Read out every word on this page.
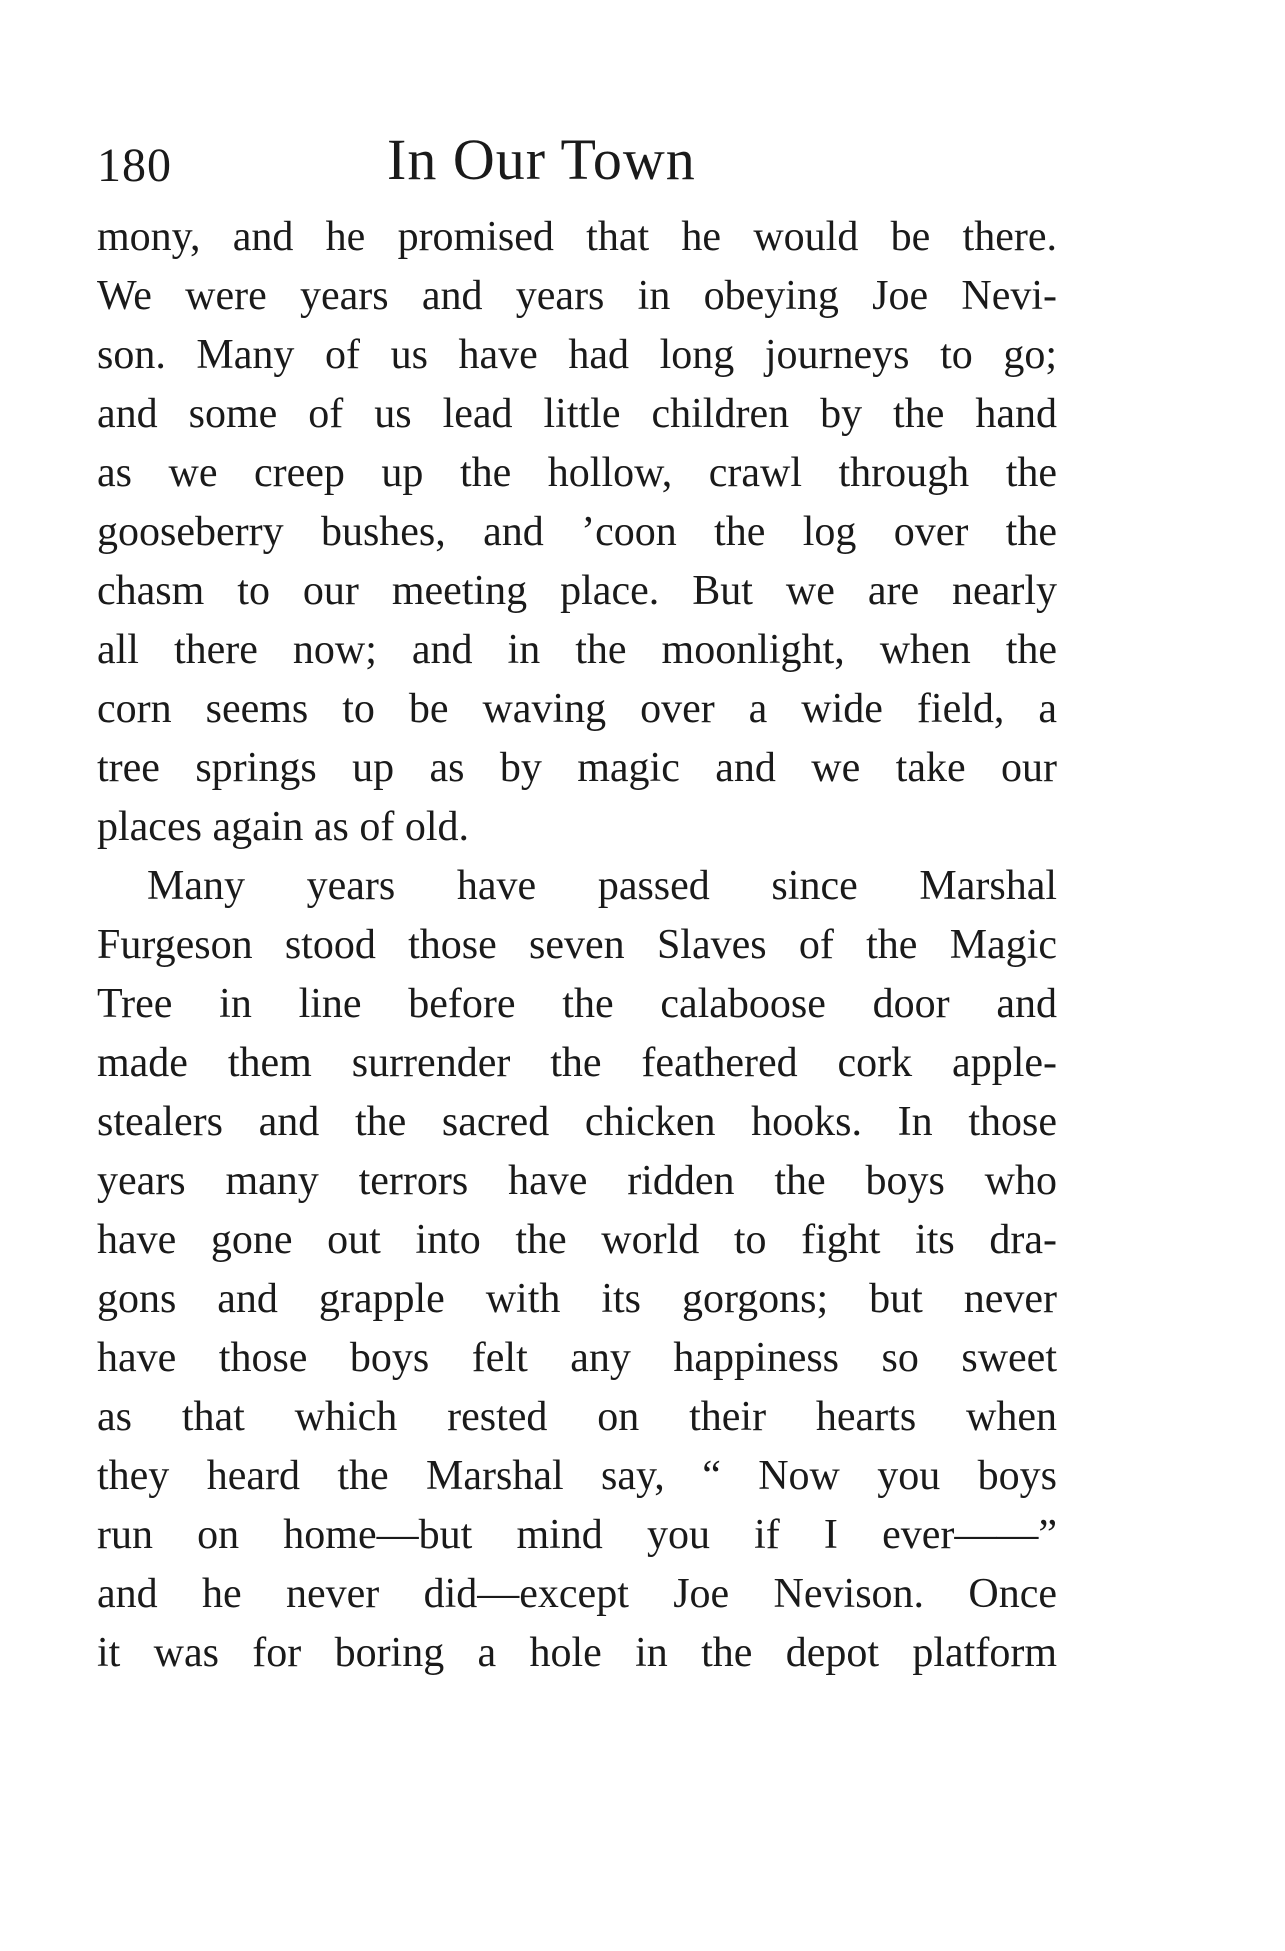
180	In Our Town
mony, and he promised that he would be there.
We were years and years in obeying Joe Nevi-
son. Many of us have had long journeys to go;
and some of us lead little children by the hand
as we creep up the hollow, crawl through the
gooseberry bushes, and ’coon the log over the
chasm to our meeting place. But we are nearly
all there now; and in the moonlight, when the
corn seems to be waving over a wide field, a
tree springs up as by magic and we take our
places again as of old.
Many years have passed since Marshal
Furgeson stood those seven Slaves of the Magic
Tree in line before the calaboose door and
made them surrender the feathered cork apple-
stealers and the sacred chicken hooks. In those
years many terrors have ridden the boys who
have gone out into the world to fight its dra-
gons and grapple with its gorgons; but never
have those boys felt any happiness so sweet
as that which rested on their hearts when
they heard the Marshal say, “ Now you boys
run on home—but mind you if I ever——”
and he never did—except Joe Nevison. Once
it was for boring a hole in the depot platform
